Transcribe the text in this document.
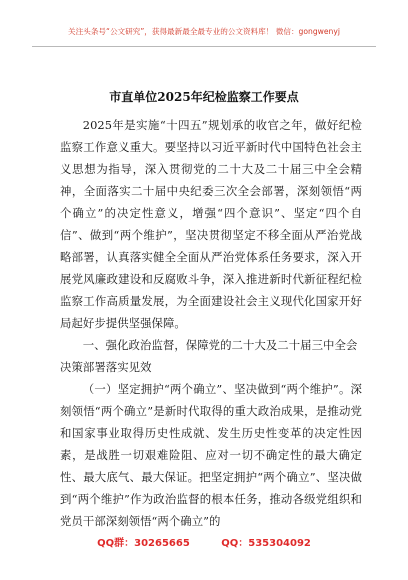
关注头条号“公文研究”，获得最新最全最专业的公文资料库！ 微信：gongwenyj
市直单位2025年纪检监察工作要点

2025年是实施“十四五”规划承的收官之年，做好纪检监察工作意义重大。要坚持以习近平新时代中国特色社会主义思想为指导，深入贯彻党的二十大及二十届三中全会精神，全面落实二十届中央纪委三次全会部署，深刻领悟“两个确立”的决定性意义，增强“四个意识”、坚定“四个自信”、做到“两个维护”，坚决贯彻坚定不移全面从严治党战略部署，认真落实健全全面从严治党体系任务要求，深入开展党风廉政建设和反腐败斗争，深入推进新时代新征程纪检监察工作高质量发展，为全面建设社会主义现代化国家开好局起好步提供坚强保障。

一、强化政治监督，保障党的二十大及二十届三中全会决策部署落实见效

（一）坚定拥护“两个确立”、坚决做到“两个维护”。深刻领悟“两个确立”是新时代取得的重大政治成果，是推动党和国家事业取得历史性成就、发生历史性变革的决定性因素，是战胜一切艰难险阻、应对一切不确定性的最大确定性、最大底气、最大保证。把坚定拥护“两个确立”、坚决做到“两个维护”作为政治监督的根本任务，推动各级党组织和党员干部深刻领悟“两个确立”的

QQ群：30265665	QQ：535304092
